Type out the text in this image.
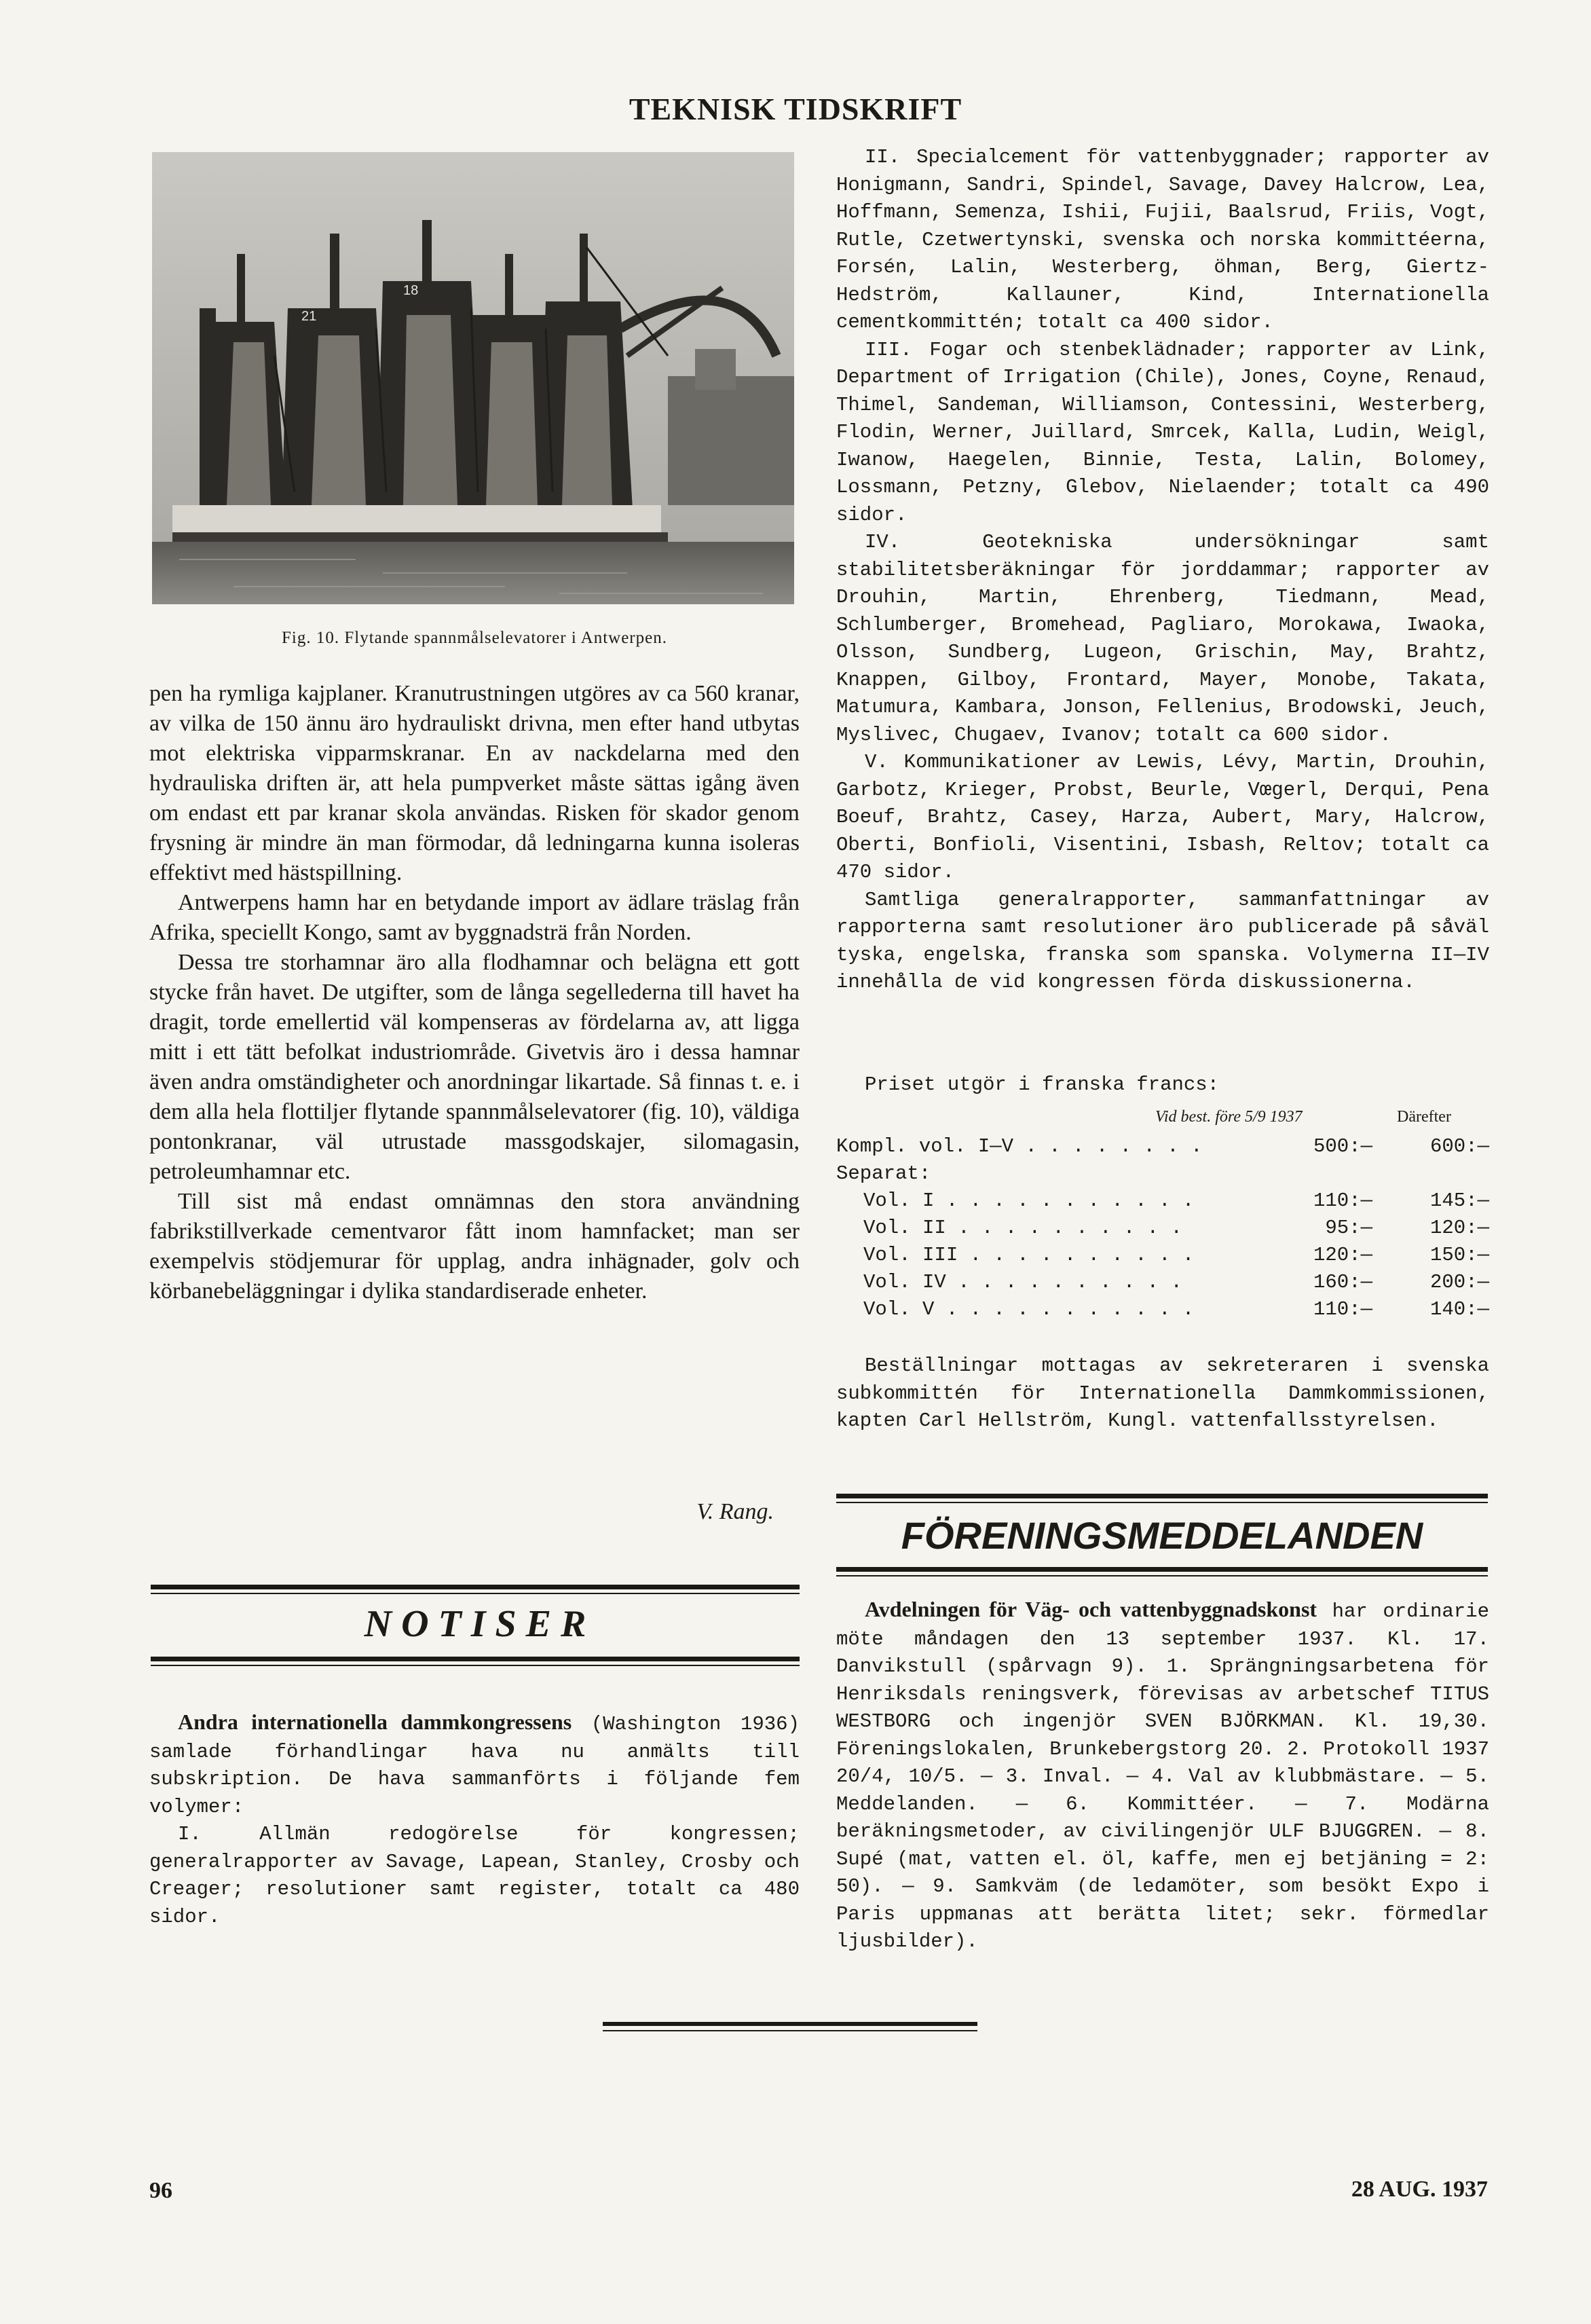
TEKNISK TIDSKRIFT
21
18
Fig. 10. Flytande spannmålselevatorer i Antwerpen.

pen ha rymliga kajplaner. Kranutrustningen utgöres av ca 560 kranar, av vilka de 150 ännu äro hydrauliskt drivna, men efter hand utbytas mot elektriska vipparmskranar. En av nackdelarna med den hydrauliska driften är, att hela pumpverket måste sättas igång även om endast ett par kranar skola användas. Risken för skador genom frysning är mindre än man förmodar, då ledningarna kunna isoleras effektivt med hästspillning.

Antwerpens hamn har en betydande import av ädlare träslag från Afrika, speciellt Kongo, samt av byggnadsträ från Norden.

Dessa tre storhamnar äro alla flodhamnar och belägna ett gott stycke från havet. De utgifter, som de långa segellederna till havet ha dragit, torde emellertid väl kompenseras av fördelarna av, att ligga mitt i ett tätt befolkat industriområde. Givetvis äro i dessa hamnar även andra omständigheter och anordningar likartade. Så finnas t. e. i dem alla hela flottiljer flytande spannmålselevatorer (fig. 10), väldiga pontonkranar, väl utrustade massgodskajer, silomagasin, petroleumhamnar etc.

Till sist må endast omnämnas den stora användning fabrikstillverkade cementvaror fått inom hamnfacket; man ser exempelvis stödjemurar för upplag, andra inhägnader, golv och körbanebeläggningar i dylika standardiserade enheter.

V. Rang.
N O T I S E R

Andra internationella dammkongressens (Washington 1936) samlade förhandlingar hava nu anmälts till subskription. De hava sammanförts i följande fem volymer:

I. Allmän redogörelse för kongressen; generalrapporter av Savage, Lapean, Stanley, Crosby och Creager; resolutioner samt register, totalt ca 480 sidor.

II. Specialcement för vattenbyggnader; rapporter av Honigmann, Sandri, Spindel, Savage, Davey Halcrow, Lea, Hoffmann, Semenza, Ishii, Fujii, Baalsrud, Friis, Vogt, Rutle, Czetwertynski, svenska och norska kommittéerna, Forsén, Lalin, Westerberg, öhman, Berg, Giertz-Hedström, Kallauner, Kind, Internationella cementkommittén; totalt ca 400 sidor.

III. Fogar och stenbeklädnader; rapporter av Link, Department of Irrigation (Chile), Jones, Coyne, Renaud, Thimel, Sandeman, Williamson, Contessini, Westerberg, Flodin, Werner, Juillard, Smrcek, Kalla, Ludin, Weigl, Iwanow, Haegelen, Binnie, Testa, Lalin, Bolomey, Lossmann, Petzny, Glebov, Nielaender; totalt ca 490 sidor.

IV. Geotekniska undersökningar samt stabilitetsberäkningar för jorddammar; rapporter av Drouhin, Martin, Ehrenberg, Tiedmann, Mead, Schlumberger, Bromehead, Pagliaro, Morokawa, Iwaoka, Olsson, Sundberg, Lugeon, Grischin, May, Brahtz, Knappen, Gilboy, Frontard, Mayer, Monobe, Takata, Matumura, Kambara, Jonson, Fellenius, Brodowski, Jeuch, Myslivec, Chugaev, Ivanov; totalt ca 600 sidor.

V. Kommunikationer av Lewis, Lévy, Martin, Drouhin, Garbotz, Krieger, Probst, Beurle, Vœgerl, Derqui, Pena Boeuf, Brahtz, Casey, Harza, Aubert, Mary, Halcrow, Oberti, Bonfioli, Visentini, Isbash, Reltov; totalt ca 470 sidor.

Samtliga generalrapporter, sammanfattningar av rapporterna samt resolutioner äro publicerade på såväl tyska, engelska, franska som spanska. Volymerna II—IV innehålla de vid kongressen förda diskussionerna.

Priset utgör i franska francs:
Vid best. före 5/9 1937	Därefter
Kompl. vol. I—V . . . . . . . .	500:—	600:—
Separat:		
Vol. I . . . . . . . . . . .	110:—	145:—
Vol. II . . . . . . . . . .	95:—	120:—
Vol. III . . . . . . . . . .	120:—	150:—
Vol. IV . . . . . . . . . .	160:—	200:—
Vol. V . . . . . . . . . . .	110:—	140:—

Beställningar mottagas av sekreteraren i svenska subkommittén för Internationella Dammkommissionen, kapten Carl Hellström, Kungl. vattenfallsstyrelsen.

FÖRENINGSMEDDELANDEN

Avdelningen för Väg- och vattenbyggnadskonst har ordinarie möte måndagen den 13 september 1937. Kl. 17. Danvikstull (spårvagn 9). 1. Sprängningsarbetena för Henriksdals reningsverk, förevisas av arbetschef TITUS WESTBORG och ingenjör SVEN BJÖRKMAN. Kl. 19,30. Föreningslokalen, Brunkebergstorg 20. 2. Protokoll 1937 20/4, 10/5. — 3. Inval. — 4. Val av klubbmästare. — 5. Meddelanden. — 6. Kommittéer. — 7. Modärna beräkningsmetoder, av civilingenjör ULF BJUGGREN. — 8. Supé (mat, vatten el. öl, kaffe, men ej betjäning = 2: 50). — 9. Samkväm (de ledamöter, som besökt Expo i Paris uppmanas att berätta litet; sekr. förmedlar ljusbilder).

96	28 AUG. 1937
